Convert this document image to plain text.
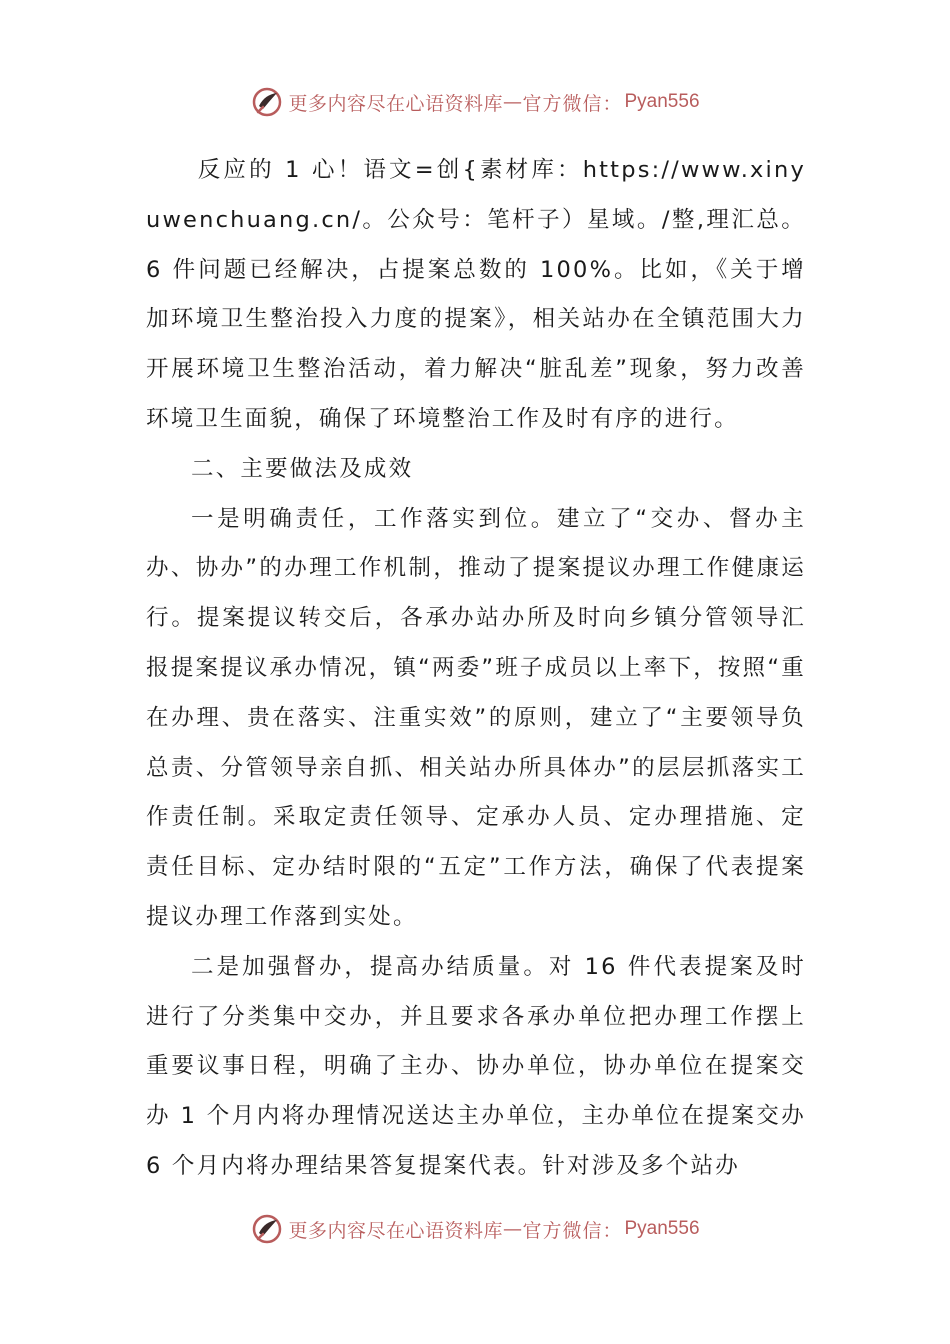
更多内容尽在心语资料库 — 官方微信： Pyan556

反应的 1 心！语文=创{素材库：https://www.xinyuwenchuang.cn/。公众号：笔杆子）星域。/整,理汇总。6 件问题已经解决，占提案总数的 100%。比如，《关于增加环境卫生整治投入力度的提案》，相关站办在全镇范围大力开展环境卫生整治活动，着力解决“脏乱差”现象，努力改善环境卫生面貌，确保了环境整治工作及时有序的进行。

二、主要做法及成效

一是明确责任，工作落实到位。建立了“交办、督办主办、协办”的办理工作机制，推动了提案提议办理工作健康运行。提案提议转交后，各承办站办所及时向乡镇分管领导汇报提案提议承办情况，镇“两委”班子成员以上率下，按照“重在办理、贵在落实、注重实效”的原则，建立了“主要领导负总责、分管领导亲自抓、相关站办所具体办”的层层抓落实工作责任制。采取定责任领导、定承办人员、定办理措施、定责任目标、定办结时限的“五定”工作方法，确保了代表提案提议办理工作落到实处。

二是加强督办，提高办结质量。对 16 件代表提案及时进行了分类集中交办，并且要求各承办单位把办理工作摆上重要议事日程，明确了主办、协办单位，协办单位在提案交办 1 个月内将办理情况送达主办单位，主办单位在提案交办 6 个月内将办理结果答复提案代表。针对涉及多个站办

更多内容尽在心语资料库 — 官方微信： Pyan556
